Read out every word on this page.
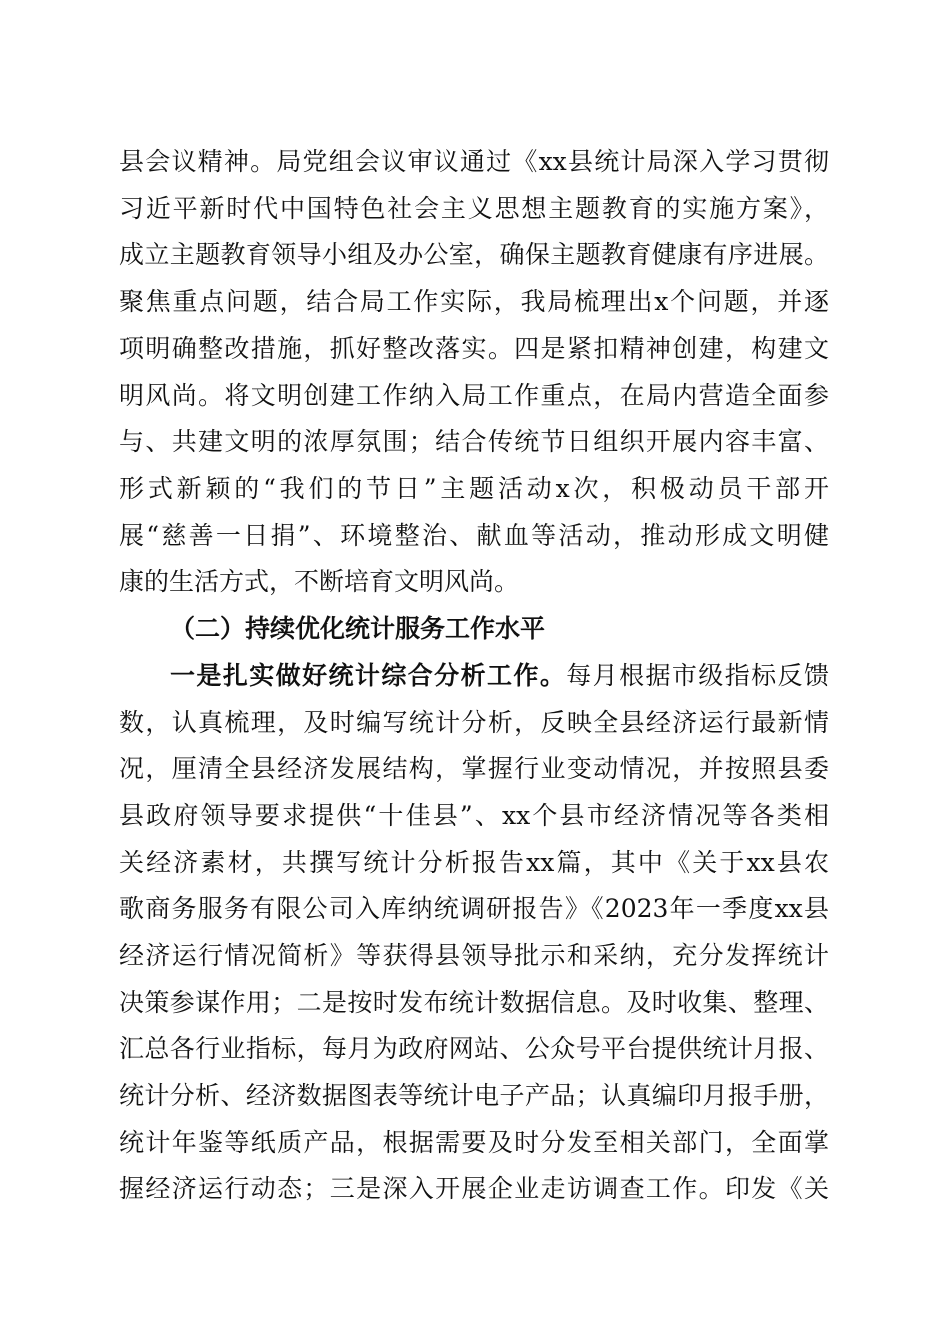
县会议精神。局党组会议审议通过《xx县统计局深入学习贯彻
习近平新时代中国特色社会主义思想主题教育的实施方案》，
成立主题教育领导小组及办公室，确保主题教育健康有序进展。
聚焦重点问题，结合局工作实际，我局梳理出x个问题，并逐
项明确整改措施，抓好整改落实。四是紧扣精神创建，构建文
明风尚。将文明创建工作纳入局工作重点，在局内营造全面参
与、共建文明的浓厚氛围；结合传统节日组织开展内容丰富、
形式新颖的“我们的节日”主题活动x次，积极动员干部开
展“慈善一日捐”、环境整治、献血等活动，推动形成文明健
康的生活方式，不断培育文明风尚。
（二）持续优化统计服务工作水平
一是扎实做好统计综合分析工作。每月根据市级指标反馈
数，认真梳理，及时编写统计分析，反映全县经济运行最新情
况，厘清全县经济发展结构，掌握行业变动情况，并按照县委
县政府领导要求提供“十佳县”、xx个县市经济情况等各类相
关经济素材，共撰写统计分析报告xx篇，其中《关于xx县农
歌商务服务有限公司入库纳统调研报告》《2023年一季度xx县
经济运行情况简析》等获得县领导批示和采纳，充分发挥统计
决策参谋作用；二是按时发布统计数据信息。及时收集、整理、
汇总各行业指标，每月为政府网站、公众号平台提供统计月报、
统计分析、经济数据图表等统计电子产品；认真编印月报手册，
统计年鉴等纸质产品，根据需要及时分发至相关部门，全面掌
握经济运行动态；三是深入开展企业走访调查工作。印发《关
